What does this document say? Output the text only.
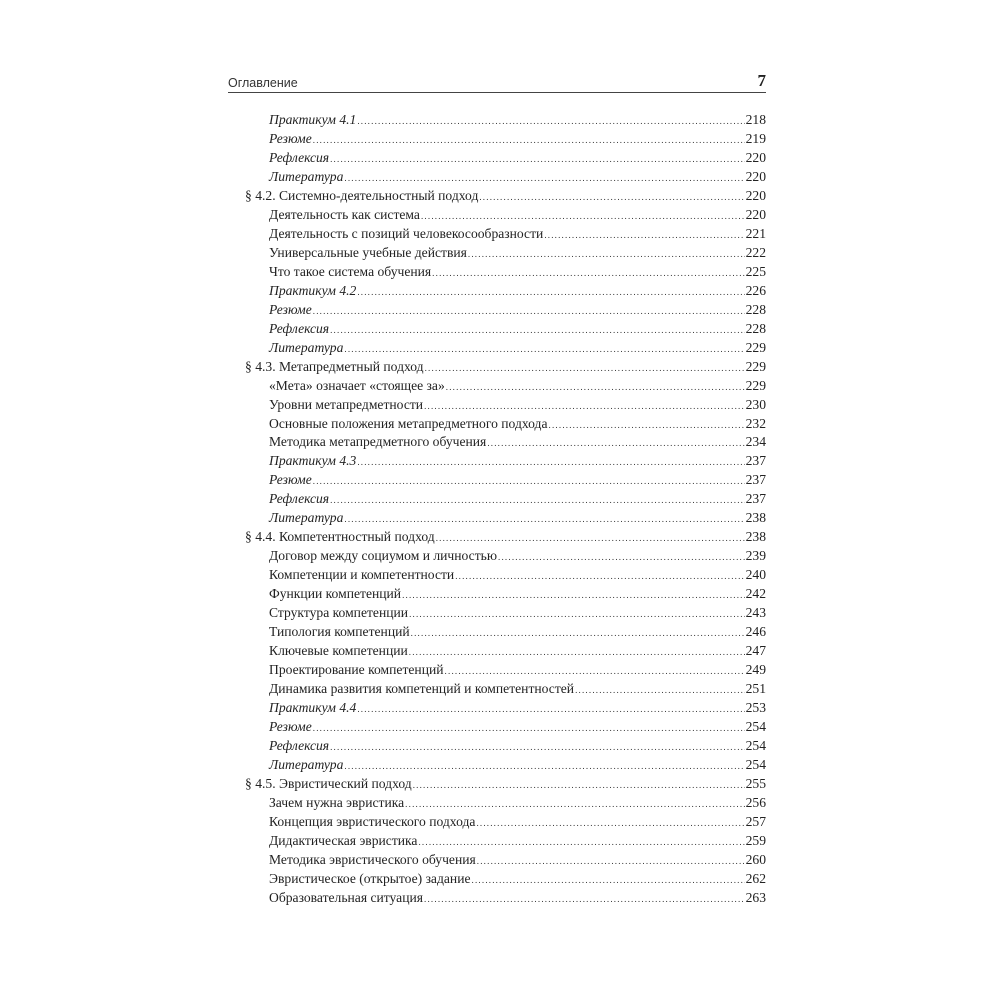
Оглавление	7
Практикум 4.1 .....	218
Резюме .....	219
Рефлексия .....	220
Литература .....	220
§ 4.2. Системно-деятельностный подход .....	220
Деятельность как система .....	220
Деятельность с позиций человекосообразности .....	221
Универсальные учебные действия .....	222
Что такое система обучения .....	225
Практикум 4.2 .....	226
Резюме .....	228
Рефлексия .....	228
Литература .....	229
§ 4.3. Метапредметный подход .....	229
«Мета» означает «стоящее за» .....	229
Уровни метапредметности .....	230
Основные положения метапредметного подхода .....	232
Методика метапредметного обучения .....	234
Практикум 4.3 .....	237
Резюме .....	237
Рефлексия .....	237
Литература .....	238
§ 4.4. Компетентностный подход .....	238
Договор между социумом и личностью .....	239
Компетенции и компетентности .....	240
Функции компетенций .....	242
Структура компетенции .....	243
Типология компетенций .....	246
Ключевые компетенции .....	247
Проектирование компетенций .....	249
Динамика развития компетенций и компетентностей .....	251
Практикум 4.4 .....	253
Резюме .....	254
Рефлексия .....	254
Литература .....	254
§ 4.5. Эвристический подход .....	255
Зачем нужна эвристика .....	256
Концепция эвристического подхода .....	257
Дидактическая эвристика .....	259
Методика эвристического обучения .....	260
Эвристическое (открытое) задание .....	262
Образовательная ситуация .....	263
